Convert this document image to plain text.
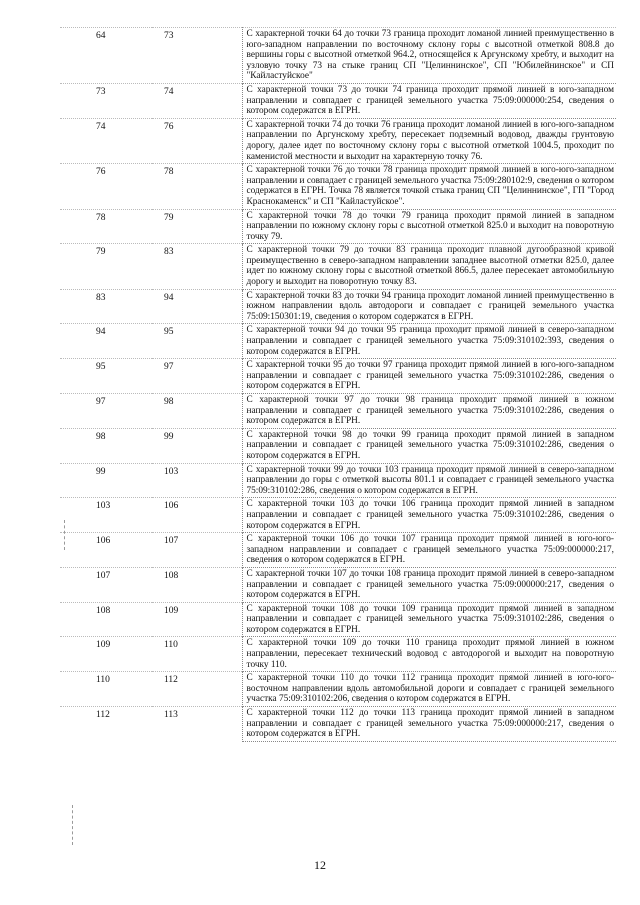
64	73	С характерной точки 64 до точки 73 граница проходит ломаной линией преимущественно в юго-западном направлении по восточному склону горы с высотной отметкой 808.8 до вершины горы с высотной отметкой 964.2, относящейся к Аргунскому хребту, и выходит на узловую точку 73 на стыке границ СП "Целиннинское", СП "Юбилейнинское" и СП "Кайластуйское"
73	74	С характерной точки 73 до точки 74 граница проходит прямой линией в юго-западном направлении и совпадает с границей земельного участка 75:09:000000:254, сведения о котором содержатся в ЕГРН.
74	76	С характерной точки 74 до точки 76 граница проходит ломаной линией в юго-юго-западном направлении по Аргунскому хребту, пересекает подземный водовод, дважды грунтовую дорогу, далее идет по восточному склону горы с высотной отметкой 1004.5, проходит по каменистой местности и выходит на характерную точку 76.
76	78	С характерной точки 76 до точки 78 граница проходит прямой линией в юго-юго-западном направлении и совпадает с границей земельного участка 75:09:280102:9, сведения о котором содержатся в ЕГРН. Точка 78 является точкой стыка границ СП "Целиннинское", ГП "Город Краснокаменск" и СП "Кайластуйское".
78	79	С характерной точки 78 до точки 79 граница проходит прямой линией в западном направлении по южному склону горы с высотной отметкой 825.0 и выходит на поворотную точку 79.
79	83	С характерной точки 79 до точки 83 граница проходит плавной дугообразной кривой преимущественно в северо-западном направлении западнее высотной отметки 825.0, далее идет по южному склону горы с высотной отметкой 866.5, далее пересекает автомобильную дорогу и выходит на поворотную точку 83.
83	94	С характерной точки 83 до точки 94 граница проходит ломаной линией преимущественно в южном направлении вдоль автодороги и совпадает с границей земельного участка 75:09:150301:19, сведения о котором содержатся в ЕГРН.
94	95	С характерной точки 94 до точки 95 граница проходит прямой линией в северо-западном направлении и совпадает с границей земельного участка 75:09:310102:393, сведения о котором содержатся в ЕГРН.
95	97	С характерной точки 95 до точки 97 граница проходит прямой линией в юго-юго-западном направлении и совпадает с границей земельного участка 75:09:310102:286, сведения о котором содержатся в ЕГРН.
97	98	С характерной точки 97 до точки 98 граница проходит прямой линией в южном направлении и совпадает с границей земельного участка 75:09:310102:286, сведения о котором содержатся в ЕГРН.
98	99	С характерной точки 98 до точки 99 граница проходит прямой линией в западном направлении и совпадает с границей земельного участка 75:09:310102:286, сведения о котором содержатся в ЕГРН.
99	103	С характерной точки 99 до точки 103 граница проходит прямой линией в северо-западном направлении до горы с отметкой высоты 801.1 и совпадает с границей земельного участка 75:09:310102:286, сведения о котором содержатся в ЕГРН.
103	106	С характерной точки 103 до точки 106 граница проходит прямой линией в западном направлении и совпадает с границей земельного участка 75:09:310102:286, сведения о котором содержатся в ЕГРН.
106	107	С характерной точки 106 до точки 107 граница проходит прямой линией в юго-юго-западном направлении и совпадает с границей земельного участка 75:09:000000:217, сведения о котором содержатся в ЕГРН.
107	108	С характерной точки 107 до точки 108 граница проходит прямой линией в северо-западном направлении и совпадает с границей земельного участка 75:09:000000:217, сведения о котором содержатся в ЕГРН.
108	109	С характерной точки 108 до точки 109 граница проходит прямой линией в западном направлении и совпадает с границей земельного участка 75:09:310102:286, сведения о котором содержатся в ЕГРН.
109	110	С характерной точки 109 до точки 110 граница проходит прямой линией в южном направлении, пересекает технический водовод с автодорогой и выходит на поворотную точку 110.
110	112	С характерной точки 110 до точки 112 граница проходит прямой линией в юго-юго-восточном направлении вдоль автомобильной дороги и совпадает с границей земельного участка 75:09:310102:206, сведения о котором содержатся в ЕГРН.
112	113	С характерной точки 112 до точки 113 граница проходит прямой линией в западном направлении и совпадает с границей земельного участка 75:09:000000:217, сведения о котором содержатся в ЕГРН.
12
